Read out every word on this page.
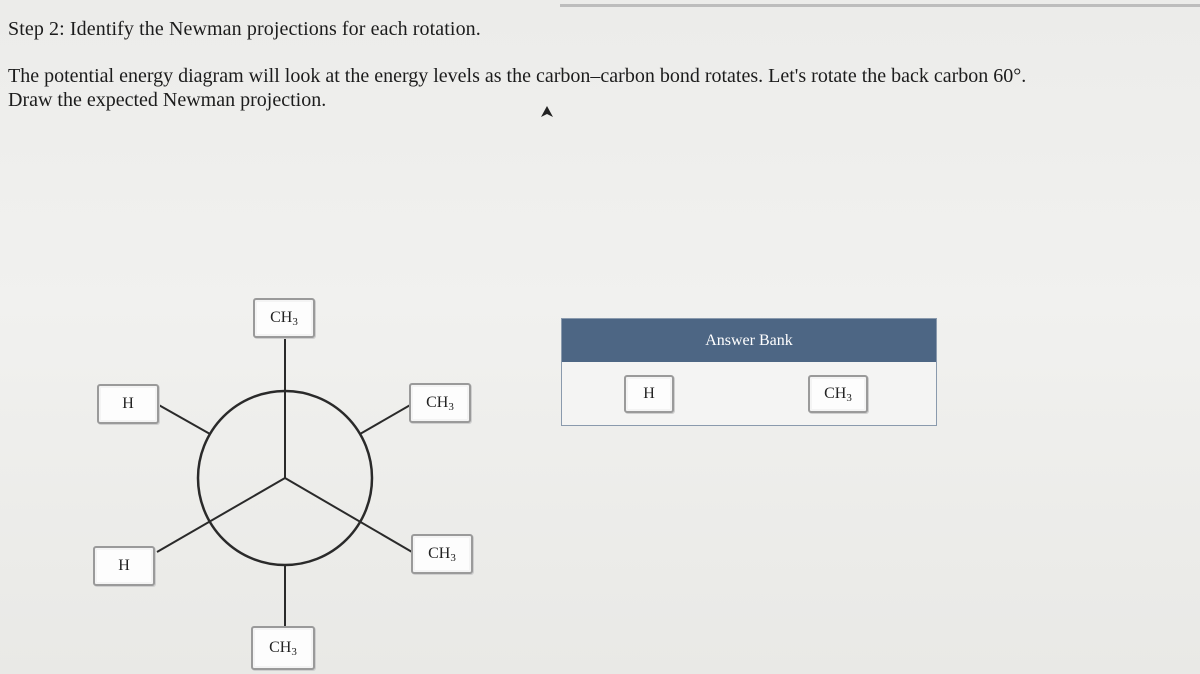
Step 2: Identify the Newman projections for each rotation.
The potential energy diagram will look at the energy levels as the carbon–carbon bond rotates. Let's rotate the back carbon 60°.
Draw the expected Newman projection.
CH 3
H	CH 3
H
CH 3
CH 3
Answer Bank
H	CH 3
